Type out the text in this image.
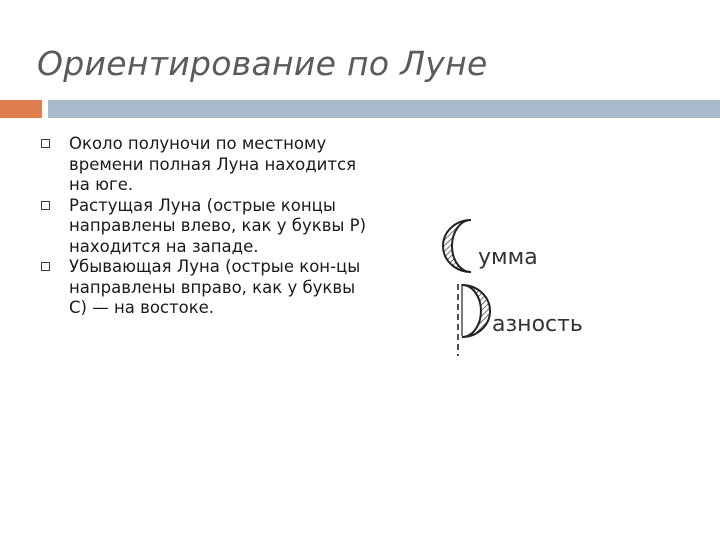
Ориентирование по Луне
Около полуночи по местному времени полная Луна находится на юге.
Растущая Луна (острые концы направлены влево, как у буквы Р) находится на западе.
Убывающая Луна (острые кон-цы направлены вправо, как у буквы С) — на востоке.
умма
азность
